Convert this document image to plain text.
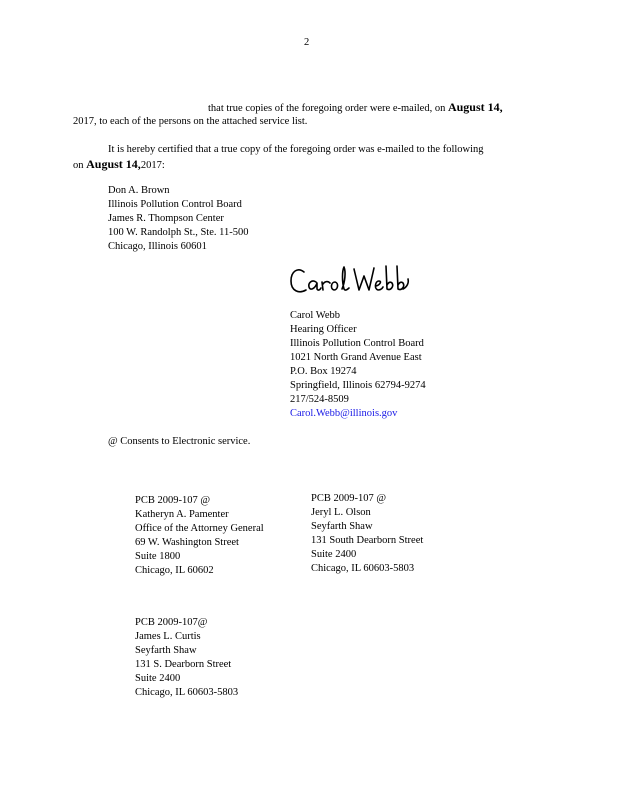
2
that true copies of the foregoing order were e-mailed, on August 14,
2017, to each of the persons on the attached service list.
It is hereby certified that a true copy of the foregoing order was e-mailed to the following
on August 14,2017:
Don A. Brown
Illinois Pollution Control Board
James R. Thompson Center
100 W. Randolph St., Ste. 11-500
Chicago, Illinois 60601
Carol Webb
Hearing Officer
Illinois Pollution Control Board
1021 North Grand Avenue East
P.O. Box 19274
Springfield, Illinois 62794-9274
217/524-8509
Carol.Webb@illinois.gov
@ Consents to Electronic service.
PCB 2009-107 @
Katheryn A. Pamenter
Office of the Attorney General
69 W. Washington Street
Suite 1800
Chicago, IL 60602
PCB 2009-107 @
Jeryl L. Olson
Seyfarth Shaw
131 South Dearborn Street
Suite 2400
Chicago, IL 60603-5803
PCB 2009-107@
James L. Curtis
Seyfarth Shaw
131 S. Dearborn Street
Suite 2400
Chicago, IL 60603-5803
